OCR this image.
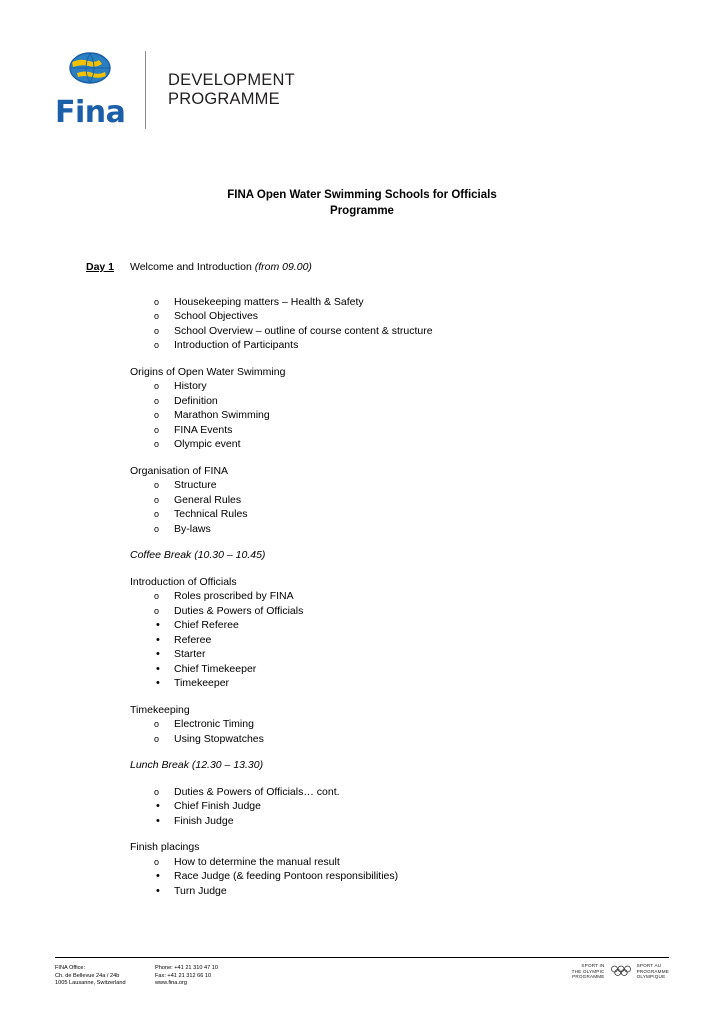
Fina
DEVELOPMENT
PROGRAMME
FINA Open Water Swimming Schools for Officials
Programme
Day 1	Welcome and Introduction (from 09.00)
o Housekeeping matters – Health & Safety
o School Objectives
o School Overview – outline of course content & structure
o Introduction of Participants
Origins of Open Water Swimming
o History
o Definition
o Marathon Swimming
o FINA Events
o Olympic event
Organisation of FINA
o Structure
o General Rules
o Technical Rules
o By-laws
Coffee Break (10.30 – 10.45)
Introduction of Officials
o Roles proscribed by FINA
o Duties & Powers of Officials
• Chief Referee
• Referee
• Starter
• Chief Timekeeper
• Timekeeper
Timekeeping
o Electronic Timing
o Using Stopwatches
Lunch Break (12.30 – 13.30)
o Duties & Powers of Officials… cont.
• Chief Finish Judge
• Finish Judge
Finish placings
o How to determine the manual result
• Race Judge (& feeding Pontoon responsibilities)
• Turn Judge
FINA Office:
Ch. de Bellevue 24a / 24b
1005 Lausanne, Switzerland
Phone: +41 21 310 47 10
Fax: +41 21 312 66 10
www.fina.org
SPORT IN
THE OLYMPIC
PROGRAMME
SPORT AU
PROGRAMME
OLYMPIQUE
